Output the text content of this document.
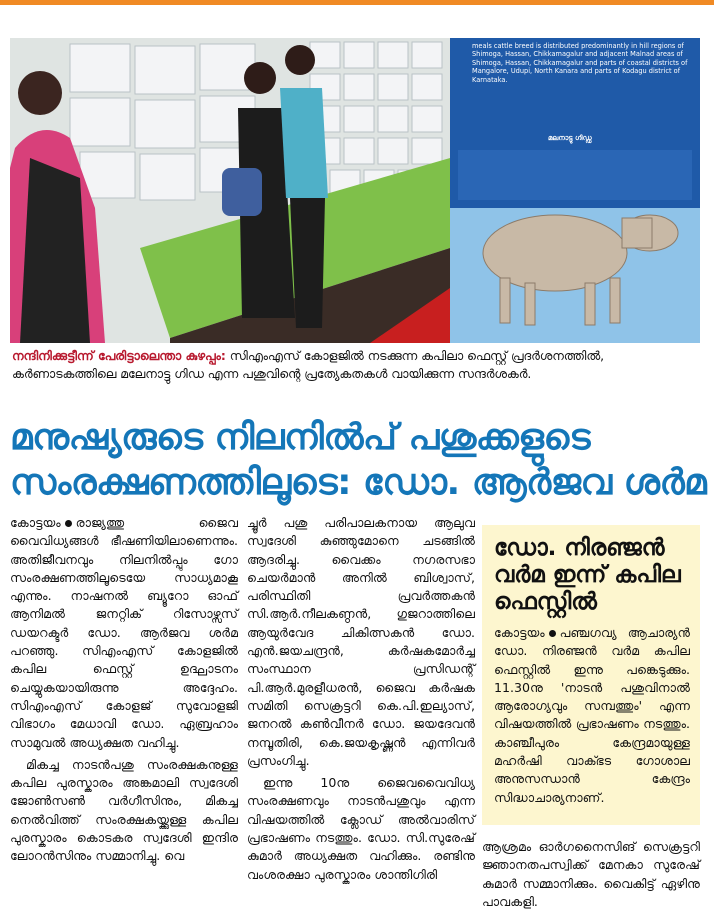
meals cattle breed is distributed predominantly in hill regions of Shimoga, Hassan, Chikkamagalur and adjacent Malnad areas of Shimoga, Hassan, Chikkamagalur and parts of coastal districts of Mangalore, Udupi, North Kanara and parts of Kodagu district of Karnataka.
മലനാട്ടു ഗിഡ്ഡ
നന്ദിനിക്കുട്ടീന്ന് പേരിട്ടാലെന്താ കുഴപ്പം: സിഎംഎസ് കോളജിൽ നടക്കുന്ന കപിലാ ഫെസ്റ്റ് പ്രദർശനത്തിൽ, കർണാടകത്തിലെ മലേനാട്ടു ഗിഡ എന്ന പശുവിന്റെ പ്രത്യേകതകൾ വായിക്കുന്ന സന്ദർശകർ.
മനുഷ്യരുടെ നിലനിൽപ് പശുക്കളുടെ
സംരക്ഷണത്തിലൂടെ: ഡോ. ആർജവ ശർമ

കോട്ടയം രാജ്യത്തു ജൈവ വൈവിധ്യങ്ങൾ ഭീഷണിയിലാണെന്നും. അതിജീവനവും നിലനിൽപ്പും ഗോ സംരക്ഷണത്തിലൂടെയേ സാധ്യമാകൂ എന്നും. നാഷനൽ ബ്യൂറോ ഓഫ് ആനിമൽ ജനറ്റിക് റിസോഴ്സസ് ഡയറക്ടർ ഡോ. ആർജവ ശർമ പറഞ്ഞു. സിഎംഎസ് കോളജിൽ കപില ഫെസ്റ്റ് ഉദ്ഘാടനം ചെയ്യുകയായിരുന്നു അദ്ദേഹം. സിഎംഎസ് കോളജ് സുവോളജി വിഭാഗം മേധാവി ഡോ. ഏബ്രഹാം സാമുവൽ അധ്യക്ഷത വഹിച്ചു.

മികച്ച നാടൻപശു സംരക്ഷകനുള്ള കപില പുരസ്കാരം അങ്കമാലി സ്വദേശി ജോൺസൺ വർഗീസിനും, മികച്ച നെൽവിത്ത് സംരക്ഷകയ്ക്കുള്ള കപില പുരസ്കാരം കൊടകര സ്വദേശി ഇന്ദിര ലോറൻസിനും സമ്മാനിച്ചു. വെ

ച്ചൂർ പശു പരിപാലകനായ ആലുവ സ്വദേശി കുഞ്ഞുമോനെ ചടങ്ങിൽ ആദരിച്ചു. വൈക്കം നഗരസഭാ ചെയർമാൻ അനിൽ ബിശ്വാസ്, പരിസ്ഥിതി പ്രവർത്തകൻ സി.ആർ.നീലകണ്ഠൻ, ഗുജറാത്തിലെ ആയുർവേദ ചികിത്സകൻ ഡോ. എൻ.ജയചന്ദ്രൻ, കർഷകമോർച്ച സംസ്ഥാന പ്രസിഡന്റ് പി.ആർ.മുരളീധരൻ, ജൈവ കർഷക സമിതി സെക്രട്ടറി കെ.പി.ഇല്യാസ്, ജനറൽ കൺവീനർ ഡോ. ജയദേവൻ നമ്പൂതിരി, കെ.ജയകൃഷ്ണൻ എന്നിവർ പ്രസംഗിച്ചു.

ഇന്നു 10നു ജൈവവൈവിധ്യ സംരക്ഷണവും നാടൻപശുവും എന്ന വിഷയത്തിൽ ക്ലോഡ് അൽവാരിസ് പ്രഭാഷണം നടത്തും. ഡോ. സി.സുരേഷ് കുമാർ അധ്യക്ഷത വഹിക്കും. രണ്ടിനു വംശരക്ഷാ പുരസ്കാരം ശാന്തിഗിരി

ഡോ. നിരഞ്ജൻ വർമ ഇന്ന് കപില ഫെസ്റ്റിൽ
കോട്ടയം പഞ്ചഗവ്യ ആചാര്യൻ ഡോ. നിരഞ്ജൻ വർമ കപില ഫെസ്റ്റിൽ ഇന്നു പങ്കെടുക്കും. 11.30നു 'നാടൻ പശുവിനാൽ ആരോഗ്യവും സമ്പത്തും' എന്ന വിഷയത്തിൽ പ്രഭാഷണം നടത്തും. കാഞ്ചീപുരം കേന്ദ്രമായുള്ള മഹർഷി വാക്ഭട ഗോശാല അനുസന്ധാൻ കേന്ദ്രം സിദ്ധാചാര്യനാണ്.
ആശ്രമം ഓർഗനൈസിങ് സെക്രട്ടറി ജ്ഞാനതപസ്വിക്ക് മേനകാ സുരേഷ് കുമാർ സമ്മാനിക്കും. വൈകിട്ട് ഏഴിനു പാവകളി.
